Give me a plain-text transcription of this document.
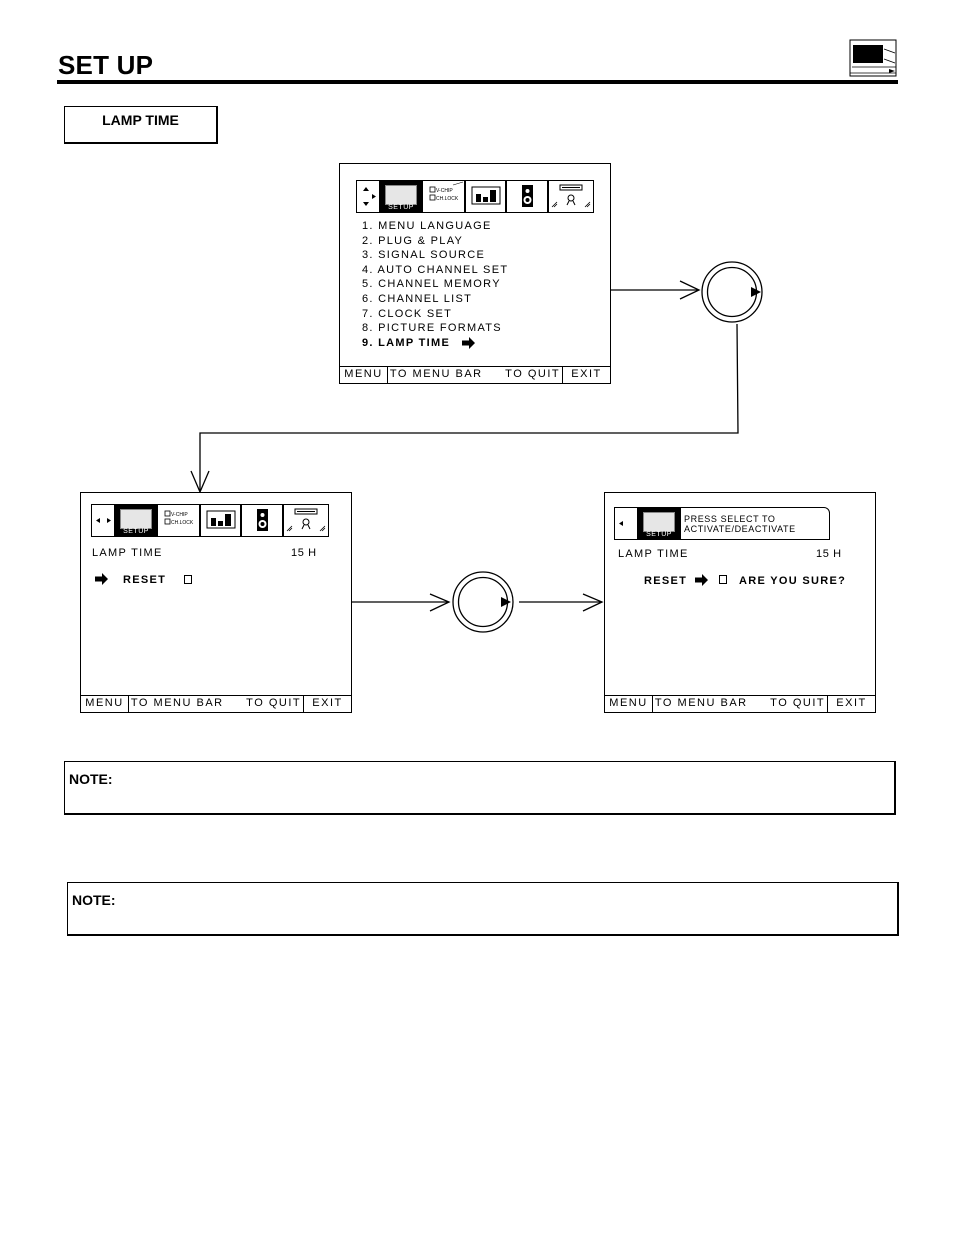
SET UP
LAMP TIME
SETUP
V-CHIP
CH.LOCK
1. MENU LANGUAGE
2. PLUG & PLAY
3. SIGNAL SOURCE
4. AUTO CHANNEL SET
5. CHANNEL MEMORY
6. CHANNEL LIST
7. CLOCK SET
8. PICTURE FORMATS
9. LAMP TIME
MENU TO MENU BAR     TO QUIT	EXIT
SETUP
V-CHIP
CH.LOCK
LAMP TIME	15 H
RESET
MENU TO MENU BAR     TO QUIT	EXIT
SETUP
PRESS SELECT TO
ACTIVATE/DEACTIVATE
LAMP TIME	15 H
RESET	ARE YOU SURE?
MENU TO MENU BAR     TO QUIT	EXIT
NOTE:
NOTE:
